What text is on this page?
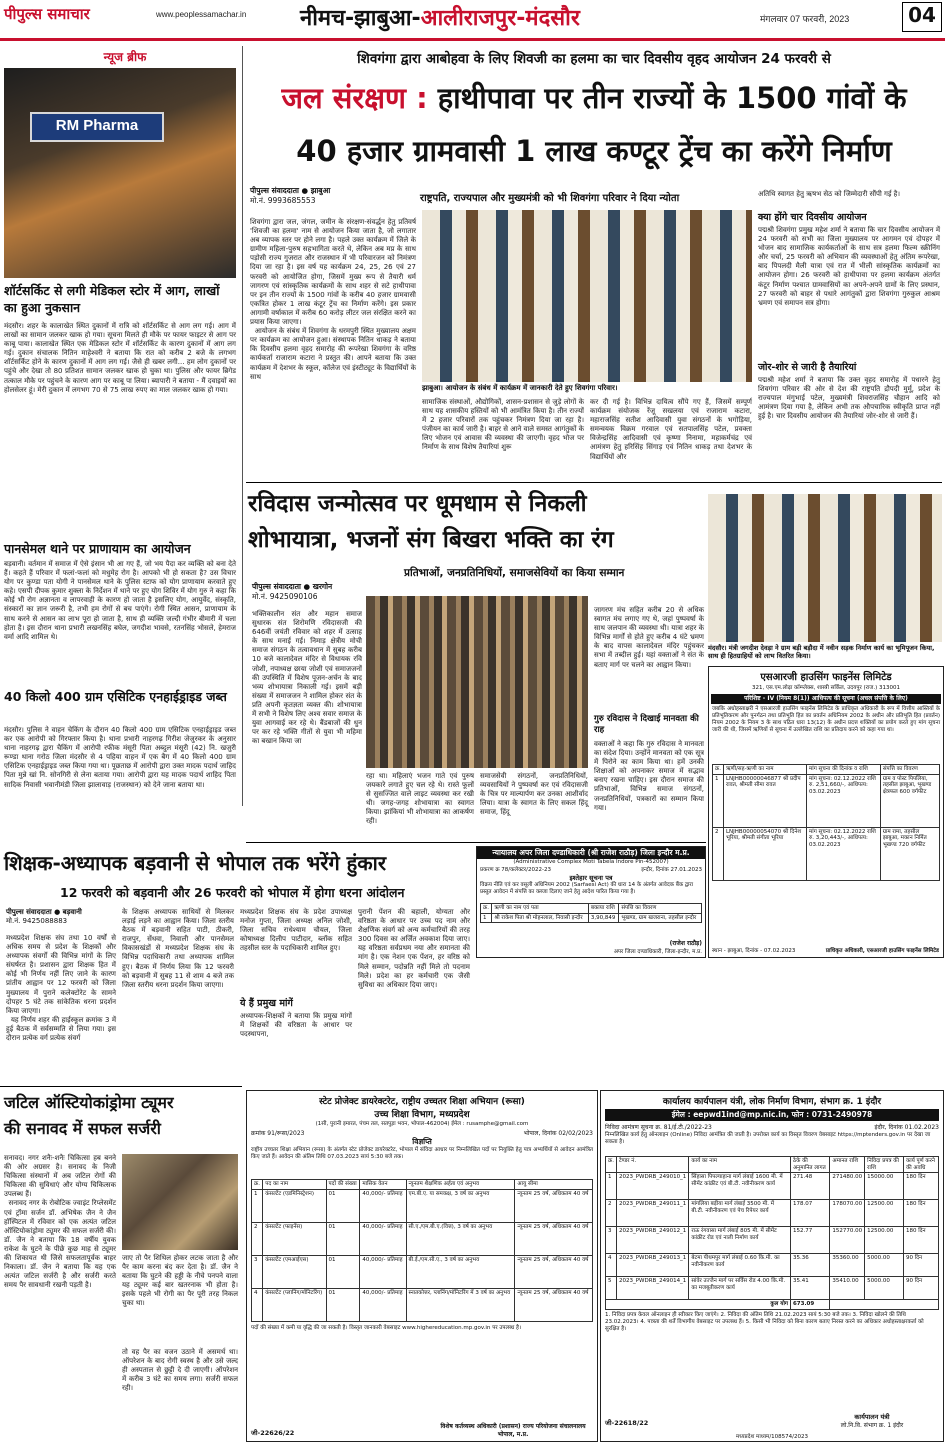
पीपुल्स समाचार	www.peoplessamachar.in	नीमच-झाबुआ-आलीराजपुर-मंदसौर	मंगलवार 07 फरवरी, 2023	04
न्यूज ब्रीफ
RM Pharma
शॉर्टसर्किट से लगी मेडिकल स्टोर में आग, लाखों का हुआ नुकसान
मंदसौर। शहर के कालाखेत स्थित दुकानों में रात्रि को शॉर्टसर्किट से आग लग गई। आग में लाखों का सामान जलकर खाक हो गया। सूचना मिलते ही मौके पर फायर फाइटर से आग पर काबू पाया। कालाखेत स्थित एक मेडिकल स्टोर में शॉर्टसर्किट के कारण दुकानों में आग लग गई। दुकान संचालक नितिन माहेश्वरी ने बताया कि रात को करीब 2 बजे के लगभग शॉर्टसर्किट होने के कारण दुकानों में आग लग गई। जैसे ही खबर लगी... हम लोग दुकानों पर पहुंचे और देखा तो 80 प्रतिशत सामान जलकर खाक हो चुका था। पुलिस और फायर ब्रिगेड तत्काल मौके पर पहुंचने के कारण आग पर काबू पा लिया। ब्यापारी ने बताया - मैं दवाइयों का होलसेलर हूं। मेरी दुकान में लगभग 70 से 75 लाख रुपए का माल जलकर खाक हो गया।
पानसेमल थाने पर प्राणायाम का आयोजन
बड़वानी। वर्तमान में समाज में ऐसे इंसान भी आ गए हैं, जो भय पैदा कर व्यक्ति को बना देते हैं। कहते हैं परिवार में फलां-फलां को मधुमेह रोग है। आपको भी हो सकता है? उस विचार योग पर कुण्डा पता योगी ने पानसेमल थाने के पुलिस स्टाफ को योग प्राणायाम करवाते हुए कहे। एसपी दीपक कुमार शुक्ला के निर्देशन में थाने पर हुए योग शिविर में योग गुरु ने कहा कि कोई भी रोग अज्ञानता व लापरवाही के कारण हो जाता है इसलिए योग, आयुर्वेद, संस्कृति, संस्कारों का ज्ञान जरूरी है, तभी हम रोगों से बच पाएंगे। रोगी स्थित आसन, प्राणायाम के साथ करने से आसन का लाभ पूरा हो जाता है, साथ ही व्यक्ति जल्दी गंभीर बीमारी में चला होता है। इस दौरान थाना प्रभारी लखनसिंह बघेल, जगदीश भावसे, रतनसिंह भोसले, हेमराज वर्मा आदि शामिल थे।
40 किलो 400 ग्राम एसिटिक एनहाईड्राइड जब्त
मंदसौर। पुलिस ने वाहन चेकिंग के दौरान 40 किलो 400 ग्राम एसिटिक एनहाईड्राइड जब्त कर एक आरोपी को गिरफ्तार किया है। थाना प्रभारी नाहरगढ़ गिरीश जेजुरकर के अनुसार थाना नाहरगढ़ द्वारा चैकिंग में आरोपी रफीक मंसूरी पिता अब्दुल मंसूरी (42) नि. खजुरी रूण्डा थाना गरोठ जिला मंदसौर से 4 पहिया वाहन में एक बैग में 40 किलो 400 ग्राम एसिटिक एनहाईड्राइड जब्त किया गया था। पूछताछ में आरोपी द्वारा उक्त मादक पदार्थ जाहिद पिता मुन्ने खां नि. सोनगिरी से लेना बताया गया। आरोपी द्वारा यह मादक पदार्थ शाहिद पिता सादिक निवासी भवानीमंडी जिला झालावाड़ (राजस्थान) को देने जाना बताया था।
शिवगंगा द्वारा आबोहवा के लिए शिवजी का हलमा का चार दिवसीय वृहद आयोजन 24 फरवरी से
जल संरक्षण : हाथीपावा पर तीन राज्यों के 1500 गांवों के
40 हजार ग्रामवासी 1 लाख कण्टूर ट्रेंच का करेंगे निर्माण
पीपुल्स संवाददाता ● झाबुआ
मो.नं. 9993685553	राष्ट्रपति, राज्यपाल और मुख्यमंत्री को भी शिवगंगा परिवार ने दिया न्योता
शिवगंगा द्वारा जल, जंगल, जमीन के संरक्षण-संवर्द्धन हेतु प्रतिवर्ष 'शिवजी का हलमा' नाम से आयोजन किया जाता है, जो लगातार अब व्यापक स्तर पर होने लगा है। पहले उक्त कार्यक्रम में जिले के ग्रामीण महिला-पुरुष सहभागिता करते थे, लेकिन अब मप्र के साथ पड़ोसी राज्य गुजरात और राजस्थान में भी परिवारजन को निमंत्रण दिया जा रहा है। इस वर्ष यह कार्यक्रम 24, 25, 26 एवं 27 फरवरी को आयोजित होगा, जिसमें मुख्य रूप से तैयारी धर्म जागरण एवं सांस्कृतिक कार्यक्रमों के साथ शहर से सटे हाथीपावा पर इन तीन राज्यों के 1500 गांवों के करीब 40 हजार ग्रामवासी एकत्रित होकर 1 लाख कंटूर ट्रेंच का निर्माण करेंगे। इस प्रकार आगामी वर्षाकाल में करीब 60 करोड़ लीटर जल संरक्षित करने का प्रयास किया जाएगा।
आयोजन के संबंध में शिवगंगा के धरमपुरी स्थित मुख्यालय अक्षम पर कार्यक्रम का आयोजन हुआ। संस्थापक नितिन धाकड़ ने बताया कि दिवसीय हलमा वृहद समारोह की रूपरेखा शिवगंगा के वरिष्ठ कार्यकर्ता राजाराम कटारा ने प्रस्तुत की। आपने बताया कि उक्त कार्यक्रम में देशभर के स्कूल, कॉलेज एवं इंस्टीट्यूट के विद्यार्थियों के साथ
झाबुआ। आयोजन के संबंध में कार्यक्रम में जानकारी देते हुए शिवगंगा परिवार।
सामाजिक संस्थाओं, औद्योगिकों, शासन-प्रशासन से जुड़े लोगों के साथ यह शासकीय हस्तियों को भी आमंत्रित किया है। तीन राज्यों में 2 हजार परिवारों तक पहुंचकर निमंत्रण दिया जा रहा है। पंजीयन का कार्य जारी है। बाहर से आने वाले समस्त आगंतुकों के लिए भोजन एवं आवास की व्यवस्था की जाएगी। वृहद भोज पर निर्माण के साथ विशेष तैयारियां शुरू
कर दी गई है। विभिन्न दायित्व सौंपे गए हैं, जिसमें सम्पूर्ण कार्यक्रम संयोजक रेंजू सखलया एवं राजाराम कटारा, महाराजसिंह सतीश आदिवासी युवा संगठनों के भगोड़िया, समन्वयक विक्रम गरवाल एवं सतपालसिंह पटेल, प्रवक्ता विजेन्द्रसिंह आदिवासी एवं कृष्णा निनामा, महाकर्मचंद्र एवं आमंत्रण हेतु हरिसिंह सिंगाड़ एवं नितिन धाकड़ तथा देशभर के विद्यार्थियों और
अतिथि स्वागत हेतु ऋषभ सेठ को जिम्मेदारी सौंपी गई है।
क्या होंगे चार दिवसीय आयोजन
पद्मश्री शिवगंगा प्रमुख महेश शर्मा ने बताया कि चार दिवसीय आयोजन में 24 फरवरी को सभी का जिला मुख्यालय पर आगमन एवं दोपहर में भोजन बाद सामाजिक कार्यकर्ताओं के साथ सत्र हलमा फिल्म स्क्रीनिंग और चर्चा, 25 फरवरी को अभियान की व्यवस्थाओं हेतु अंतिम रूपरेखा, बाद पिपलदी मैली यात्रा एवं रात में भीली सांस्कृतिक कार्यक्रमों का आयोजन होगा। 26 फरवरी को हाथीपावा पर हलमा कार्यक्रम अंतर्गत कंटूर निर्माण पश्चात ग्रामवासियों का अपने-अपने ग्रामों के लिए प्रस्थान, 27 फरवरी को बाहर से पधारे आगंतुकों द्वारा शिवगंगा गुरुकुल आश्रम भ्रमण एवं समापन सत्र होगा।
जोर-शोर से जारी है तैयारियां
पद्मश्री महेश शर्मा ने बताया कि उक्त वृहद समारोह में पधारने हेतु शिवगंगा परिवार की ओर से देश की राष्ट्रपति द्रौपदी मुर्मू, प्रदेश के राज्यपाल मंगुभाई पटेल, मुख्यमंत्री शिवराजसिंह चौहान आदि को आमंत्रण दिया गया है, लेकिन अभी तक औपचारिक स्वीकृति प्राप्त नहीं हुई है। चार दिवसीय आयोजन की तैयारियां जोर-शोर से जारी हैं।
रविदास जन्मोत्सव पर धूमधाम से निकली
शोभायात्रा, भजनों संग बिखरा भक्ति का रंग
प्रतिभाओं, जनप्रतिनिधियों, समाजसेवियों का किया सम्मान
पीपुल्स संवाददाता ● खरगोन
मो.नं. 9425090106
भक्तिकालीन संत और महान समाज सुधारक संत शिरोमणि रविदासजी की 646वीं जयंती रविवार को शहर में उत्साह के साथ मनाई गई। निमाड़ क्षेत्रीय मोची समाज संगठन के तत्वावधान में सुबह करीब 10 बजे कालादेवल मंदिर से विधायक रवि जोशी, नपाध्यक्ष छाया जोशी एवं समाजजनों की उपस्थिति में विशेष पूजन-अर्चन के बाद भव्य शोभायात्रा निकाली गई। इसमें बड़ी संख्या में समाजजन ने शामिल होकर संत के प्रति अपनी कृतज्ञता व्यक्त की। शोभायात्रा में सभी ने विशेष लिए अश्व सवार समाज के युवा आगवाई कर रहे थे। बैंडबाजों की धुन पर कर रहे भक्ति गीतों से युवा भी महिमा का बखान किया जा
रहा था। महिलाएं भजन गाते एवं पुरुष जयकारे लगाते हुए चल रहे थे। रास्ते फूलों से सुसज्जित वाले लाइट व्यवस्था कर रखी थी। जगह-जगह शोभायात्रा का स्वागत किया। झांकियां भी शोभायात्रा का आकर्षण रही।
समाजसेवी संगठनों, जनप्रतिनिधियों, व्यवसायियों ने पुष्पवर्षा कर एवं रविदासजी के चित्र पर माल्यार्पण कर उनका आशीर्वाद लिया। यात्रा के स्वागत के लिए सकल हिंदू समाज, हिंदू
जागरण मंच सहित करीब 20 से अधिक स्वागत मंच लगाए गए थे, जहां पुष्पवर्षा के साथ जलपान की व्यवस्था थी। यात्रा शहर के विभिन्न मार्गों से होते हुए करीब 4 घंटे भ्रमण के बाद वापस कालादेवल मंदिर पहुंचकर सभा में तब्दील हुई। यहां वक्ताओं ने संत के बताए मार्ग पर चलने का आह्वान किया।
गुरु रविदास ने दिखाई मानवता की राह
वक्ताओं ने कहा कि गुरु रविदास ने मानवता का संदेश दिया। उन्होंने मानवता को एक सूत्र में पिरोने का काम किया था। हमें उनकी शिक्षाओं को अपनाकर समाज में सद्भाव बनाए रखना चाहिए। इस दौरान समाज की प्रतिभाओं, विभिन्न समाज संगठनों, जनप्रतिनिधियों, पत्रकारों का सम्मान किया गया।
मंदसौर। मंत्री जगदीश देवड़ा ने ग्राम बड़ी बड़ौदा में नवीन सड़क निर्माण कार्य का भूमिपूजन किया, साथ ही हितग्राहियों को लाभ वितरित किया।
एसआरजी हाउसिंग फाइनेंस लिमिटेड
321, एस.एम.लोढ़ा कॉम्प्लेक्स, शास्त्री सर्किल, उदयपुर (राज.) 313001
परिशिष्ट - IV (नियम 8(1)) आधिपत्य की सूचना (अचल संपत्ति के लिए)
जबकि अधोहस्ताक्षरी ने एसआरजी हाउसिंग फाइनेंस लिमिटेड के प्राधिकृत अधिकारी के रूप में वित्तीय आस्तियों के प्रतिभूतिकरण और पुनर्गठन तथा प्रतिभूति हित का प्रवर्तन अधिनियम 2002 के अधीन और प्रतिभूति हित (प्रवर्तन) नियम 2002 के नियम 3 के साथ पठित धारा 13(12) के अधीन प्रदत्त शक्तियों का प्रयोग करते हुए मांग सूचना जारी की थी, जिसमें ऋणियों से सूचना में उल्लेखित राशि का प्रतिदाय करने को कहा गया था।
क्र.	ऋणी/सह-ऋणी का नाम	मांग सूचना की दिनांक व राशि	संपत्ति का विवरण
1	LNJHB00000046877 श्री प्रदीप रावत, श्रीमती सीमा रावत	मांग सूचना: 02.12.2022 राशि रु. 2,51,660/-, आधिपत्य: 03.02.2023	ग्राम व पोस्ट पिपलिया, तहसील झाबुआ, भूखण्ड क्षेत्रफल 600 वर्गफीट
2	LNJHB00000054070 श्री दिनेश भूरिया, श्रीमती संगीता भूरिया	मांग सूचना: 02.12.2022 राशि रु. 3,20,443/-, आधिपत्य: 03.02.2023	ग्राम रामा, तहसील झाबुआ, मकान निर्मित भूखण्ड 720 वर्गफीट
स्थान - झाबुआ, दिनांक - 07.02.2023	प्राधिकृत अधिकारी, एसआरजी हाउसिंग फाइनेंस लिमिटेड
न्यायालय अपर जिला दण्डाधिकारी (श्री राजेश राठौड़) जिला इन्दौर म.प्र.
(Administrative Complex Moti Tabela Indore Pin-452007)
प्रकरण क्र 78/कलेक्टर/2022-23	इन्दौर, दिनांक 27.01.2023
इश्तेहार सूचना पत्र
विक्रय नीति एवं कर वसूली अधिनियम 2002 (Sarfaesi Act) की धारा 14 के अंतर्गत आवेदक बैंक द्वारा प्रस्तुत आवेदन में संपत्ति का कब्जा दिलाए जाने हेतु आदेश पारित किया गया है।
क्र.	ऋणी का नाम एवं पता	बकाया राशि	संपत्ति का विवरण
1	श्री राकेश पिता श्री मोहनलाल, निवासी इन्दौर	3,90,849	भूखण्ड, ग्राम खजराना, तहसील इन्दौर
(राजेश राठौड़)
अपर जिला दण्डाधिकारी, जिला-इन्दौर, म.प्र.
शिक्षक-अध्यापक बड़वानी से भोपाल तक भरेंगे हुंकार
12 फरवरी को बड़वानी और 26 फरवरी को भोपाल में होगा धरना आंदोलन
पीपुल्स संवाददाता ● बड़वानी
मो.नं. 9425088883
मध्यप्रदेश शिक्षक संघ तथा 10 वर्षों से अधिक समय से प्रदेश के शिक्षकों और अध्यापक संवर्गों की विभिन्न मांगों के लिए संघर्षरत है। प्रशासन द्वारा शिक्षक हित में कोई भी निर्णय नहीं लिए जाने के कारण प्रांतीय आह्वान पर 12 फरवरी को जिला मुख्यालय में पुराने कलेक्टोरेट के सामने दोपहर 5 घंटे तक सांकेतिक धरना प्रदर्शन किया जाएगा।
यह निर्णय शहर की हाईस्कूल क्रमांक 3 में हुई बैठक में सर्वसम्मति से लिया गया। इस दौरान प्रत्येक वर्ग प्रत्येक संवर्ग
के शिक्षक अध्यापक साथियों से मिलकर लड़ाई लड़ने का आह्वान किया। जिला स्तरीय बैठक में बड़वानी सहित पाटी, ठीकरी, राजपुर, सेंधवा, निवाली और पानसेमल विकासखंडों से मध्यप्रदेश शिक्षक संघ के विभिन्न पदाधिकारी तथा अध्यापक शामिल हुए। बैठक में निर्णय लिया कि 12 फरवरी को बड़वानी में सुबह 11 से शाम 4 बजे तक जिला स्तरीय धरना प्रदर्शन किया जाएगा।
मध्यप्रदेश शिक्षक संघ के प्रदेश उपाध्यक्ष मनोज गुप्ता, जिला अध्यक्ष अनिल जोशी, जिला सचिव राधेश्याम चौयल, जिला कोषाध्यक्ष दिलीप पाटीदार, ब्लॉक सहित तहसील स्तर के पदाधिकारी शामिल हुए।
ये हैं प्रमुख मांगें
अध्यापक-शिक्षकों ने बताया कि प्रमुख मांगों में शिक्षकों की वरिष्ठता के आधार पर पदस्थापना,
पुरानी पेंशन की बहाली, योग्यता और वरिष्ठता के आधार पर उच्च पद नाम और शैक्षणिक संवर्ग को अन्य कर्मचारियों की तरह 300 दिवस का अर्जित अवकाश दिया जाए। यह वरिष्ठता सर्वप्रथम नया और समानता की मांग है। एक नेशन एक पेंशन, हर वरिष्ठ को मिले सम्मान, पदोन्नति नहीं मिले तो पदनाम मिले। प्रदेश का हर कर्मचारी एक जैसी सुविधा का अधिकार दिया जाए।
जटिल ऑस्टियोकांड्रोमा ट्यूमर
की सनावद में सफल सर्जरी
सनावद। नगर शनैः-शनैः चिकित्सा हब बनने की ओर अग्रसर है। सनावद के निजी चिकित्सा संस्थानों में अब जटिल रोगों की चिकित्सा की सुविधाएं और योग्य चिकित्सक उपलब्ध हैं।
सनावद नगर के रोबोटिक ज्वाइंट रिप्लेसमेंट एवं ट्रॉमा सर्जन डॉ. अभिषेक जैन ने जैन हॉस्पिटल में रविवार को एक अत्यंत जटिल ऑस्टियोकांड्रोमा ट्यूमर की सफल सर्जरी की। डॉ. जैन ने बताया कि 18 वर्षीय युवक राकेश के घुटने के पीछे कुछ माह से ट्यूमर की शिकायत थी जिसे सफलतापूर्वक बाहर निकाला। डॉ. जैन ने बताया कि यह एक अत्यंत जटिल सर्जरी है और सर्जरी करते समय पैर सावधानी रखनी पड़ती है।
जाए तो पैर शिथिल होकर लटक जाता है और पैर काम करना बंद कर देता है। डॉ. जैन ने बताया कि घुटने की हड्डी के नीचे पनपने वाला यह ट्यूमर कई बार खतरनाक भी होता है। इसके पहले भी रोगी का पैर पूरी तरह निकल चुका था।
तो वह पैर का वजन उठाने में असमर्थ था। ऑपरेशन के बाद रोगी स्वस्थ है और उसे जल्द ही अस्पताल से छुट्टी दे दी जाएगी। ऑपरेशन में करीब 3 घंटे का समय लगा। सर्जरी सफल रही।
स्टेट प्रोजेक्ट डायरेक्टरेट, राष्ट्रीय उच्चतर शिक्षा अभियान (रूसा)
उच्च शिक्षा विभाग, मध्यप्रदेश
(1सी, पुरानी इमारत, पंचम तल, सतपुड़ा भवन, भोपाल-462004) ईमेल : rusamphe@gmail.com
क्रमांक 91/रूसा/2023	भोपाल, दिनांक 02/02/2023
विज्ञप्ति
राष्ट्रीय उच्चतर शिक्षा अभियान (रूसा) के अंतर्गत स्टेट प्रोजेक्ट डायरेक्टरेट, भोपाल में संविदा आधार पर निम्नलिखित पदों पर नियुक्ति हेतु पात्र अभ्यर्थियों से आवेदन आमंत्रित किए जाते हैं। आवेदन की अंतिम तिथि 07.03.2023 सायं 5:30 बजे तक।
क्र.	पद का नाम	पदों की संख्या	मासिक वेतन	न्यूनतम शैक्षणिक अर्हता एवं अनुभव	आयु सीमा
1	कंसल्टेंट (एडमिनिस्ट्रेशन)	01	40,000/- प्रतिमाह	एम.बी.ए. या समकक्ष, 3 वर्ष का अनुभव	न्यूनतम 25 वर्ष, अधिकतम 40 वर्ष
2	कंसल्टेंट (फाइनेंस)	01	40,000/- प्रतिमाह	सी.ए./एम.बी.ए.(वित्त), 3 वर्ष का अनुभव	न्यूनतम 25 वर्ष, अधिकतम 40 वर्ष
3	कंसल्टेंट (एमआईएस)	01	40,000/- प्रतिमाह	बी.ई./एम.सी.ए., 3 वर्ष का अनुभव	न्यूनतम 25 वर्ष, अधिकतम 40 वर्ष
4	कंसल्टेंट (प्लानिंग/मॉनिटरिंग)	01	40,000/- प्रतिमाह	स्नातकोत्तर, प्लानिंग/मॉनिटरिंग में 3 वर्ष का अनुभव	न्यूनतम 25 वर्ष, अधिकतम 40 वर्ष
पदों की संख्या में कमी या वृद्धि की जा सकती है। विस्तृत जानकारी वेबसाइट www.highereducation.mp.gov.in पर उपलब्ध है।
जी-22626/22
विशेष कर्तव्यस्थ अधिकारी (प्रशासन) राज्य परियोजना संचालनालय भोपाल, म.प्र.
कार्यालय कार्यपालन यंत्री, लोक निर्माण विभाग, संभाग क्र. 1 इंदौर
ईमेल : eepwd1ind@mp.nic.in, फोन : 0731-2490978
निविदा आमंत्रण सूचना क्र. 81/ई.टी./2022-23	इंदौर, दिनांक 01.02.2023
निम्नलिखित कार्य हेतु ऑनलाइन (Online) निविदा आमंत्रित की जाती है। उपरोक्त कार्य का विस्तृत विवरण वेबसाइट https://mptenders.gov.in पर देखा जा सकता है।
क्र.	टेण्डर नं.	कार्य का नाम	ठेके की अनुमानित लागत	अमानत राशि	निविदा प्रपत्र की राशि	कार्य पूर्ण करने की अवधि
1	2023_PWDRB_249010_1	सिंहासा पिपल्याहाना मार्ग लंबाई 1600 मी. में सीमेंट कांक्रीट एवं बी.टी. नवीनीकरण कार्य	271.48	271480.00	15000.00	180 दिन
2	2023_PWDRB_249011_1	मांगलिया बड़ीया मार्ग लंबाई 3500 मी. में बी.टी. नवीनीकरण एवं पेच रिपेयर कार्य	178.07	178070.00	12500.00	180 दिन
3	2023_PWDRB_249012_1	राऊ रंगवासा मार्ग लंबाई 805 मी. में सीमेंट कांक्रीट रोड एवं नाली निर्माण कार्य	152.77	152770.00	12500.00	180 दिन
4	2023_PWDRB_249013_1	बेटमा पीथमपुर मार्ग लंबाई 0.60 कि.मी. का नवीनीकरण कार्य	35.36	35360.00	5000.00	90 दिन
5	2023_PWDRB_249014_1	सांवेर उज्जैन मार्ग पर सर्विस रोड 4.00 कि.मी. का मजबूतीकरण कार्य	35.41	35410.00	5000.00	90 दिन
कुल योग			673.09			
1. निविदा प्रपत्र केवल ऑनलाइन ही स्वीकार किए जाएंगे। 2. निविदा की अंतिम तिथि 21.02.2023 सायं 5:30 बजे तक। 3. निविदा खोलने की तिथि 23.02.2023। 4. पात्रता की शर्तें विभागीय वेबसाइट पर उपलब्ध हैं। 5. किसी भी निविदा को बिना कारण बताए निरस्त करने का अधिकार अधोहस्ताक्षरकर्ता को सुरक्षित है।
जी-22618/22
कार्यपालन यंत्री
लो.नि.वि. संभाग क्र. 1 इंदौर
मध्यप्रदेश माध्यम/108574/2023
